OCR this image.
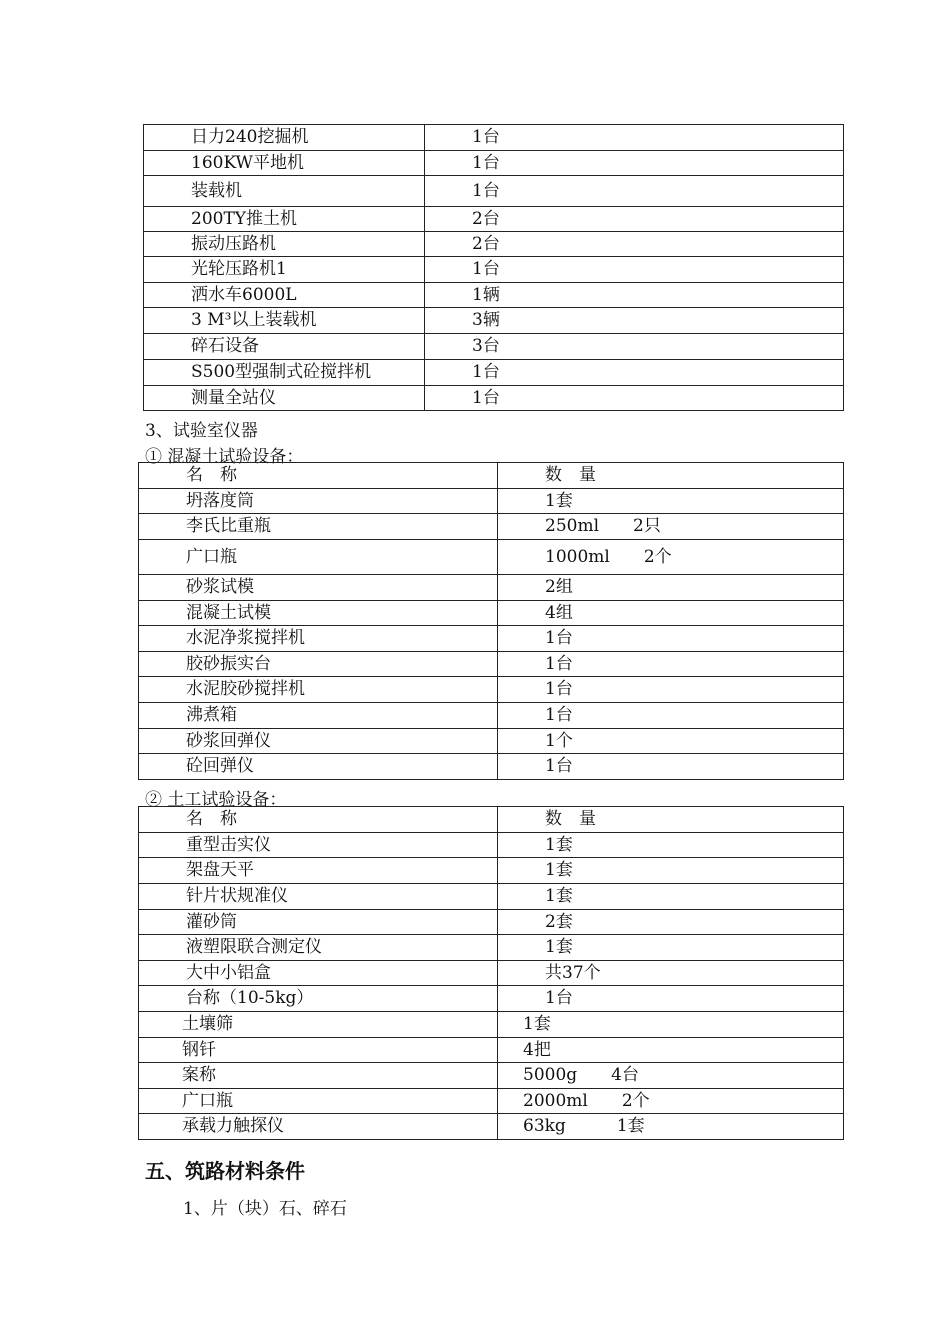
日力240挖掘机	1台
160KW平地机	1台
装载机	1台
200TY推土机	2台
振动压路机	2台
光轮压路机1	1台
洒水车6000L	1辆
3 M³以上装载机	3辆
碎石设备	3台
S500型强制式砼搅拌机	1台
测量全站仪	1台
3、试验室仪器
① 混凝土试验设备：
名　称	数　量
坍落度筒	1套
李氏比重瓶	250ml　　2只
广口瓶	1000ml　　2个
砂浆试模	2组
混凝土试模	4组
水泥净浆搅拌机	1台
胶砂振实台	1台
水泥胶砂搅拌机	1台
沸煮箱	1台
砂浆回弹仪	1个
砼回弹仪	1台
② 土工试验设备：
名　称	数　量
重型击实仪	1套
架盘天平	1套
针片状规准仪	1套
灌砂筒	2套
液塑限联合测定仪	1套
大中小铝盒	共37个
台称（10-5kg）	1台
土壤筛	1套
钢钎	4把
案称	5000g　　4台
广口瓶	2000ml　　2个
承载力触探仪	63kg　　　1套
五、筑路材料条件
1、片（块）石、碎石
